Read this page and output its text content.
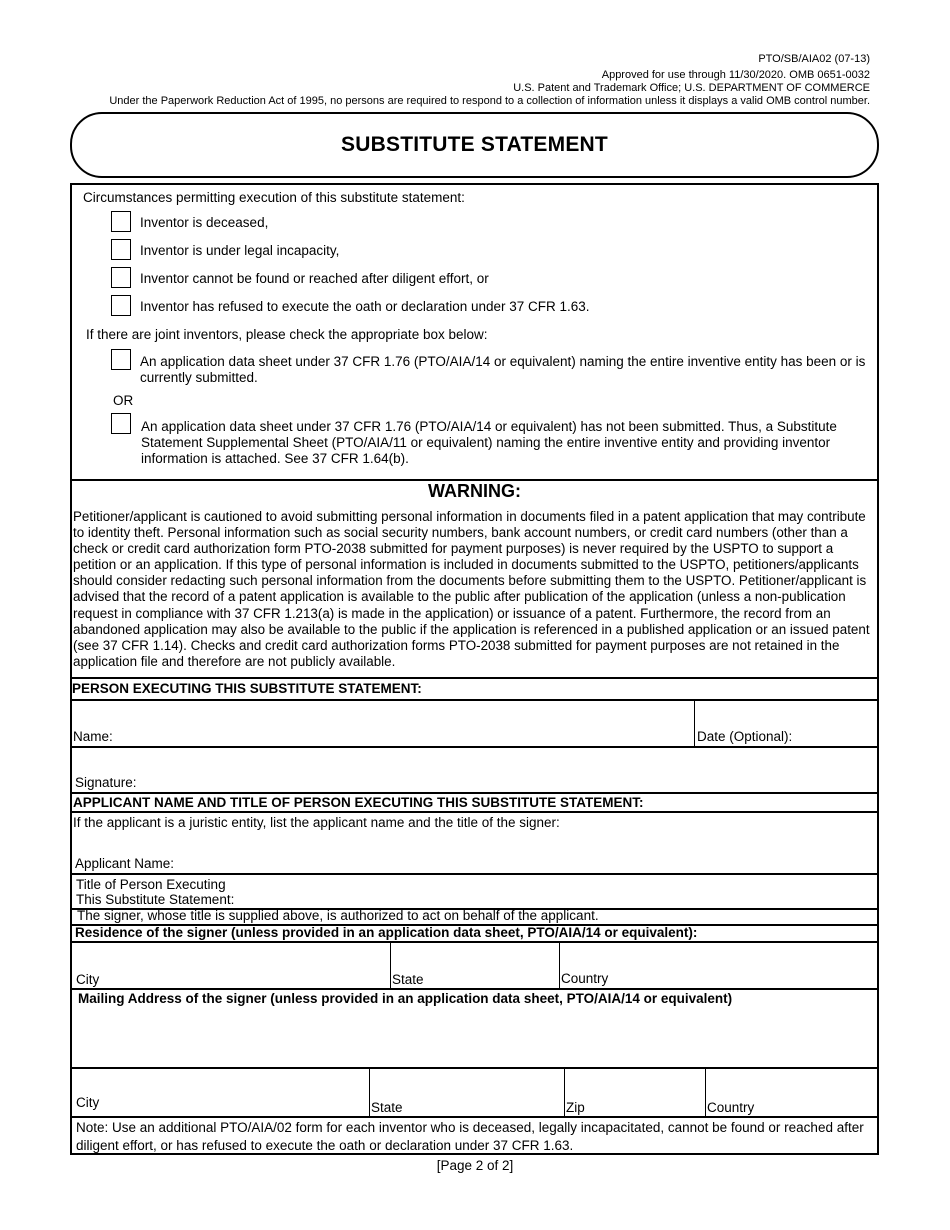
PTO/SB/AIA02 (07-13)
Approved for use through 11/30/2020. OMB 0651-0032
U.S. Patent and Trademark Office; U.S. DEPARTMENT OF COMMERCE
Under the Paperwork Reduction Act of 1995, no persons are required to respond to a collection of information unless it displays a valid OMB control number.
SUBSTITUTE STATEMENT
Circumstances permitting execution of this substitute statement:
Inventor is deceased,
Inventor is under legal incapacity,
Inventor cannot be found or reached after diligent effort, or
Inventor has refused to execute the oath or declaration under 37 CFR 1.63.
If there are joint inventors, please check the appropriate box below:
An application data sheet under 37 CFR 1.76 (PTO/AIA/14 or equivalent) naming the entire inventive entity has been or is currently submitted.
OR
An application data sheet under 37 CFR 1.76 (PTO/AIA/14 or equivalent) has not been submitted. Thus, a Substitute Statement Supplemental Sheet (PTO/AIA/11 or equivalent) naming the entire inventive entity and providing inventor information is attached. See 37 CFR 1.64(b).
WARNING:
Petitioner/applicant is cautioned to avoid submitting personal information in documents filed in a patent application that may contribute to identity theft. Personal information such as social security numbers, bank account numbers, or credit card numbers (other than a check or credit card authorization form PTO-2038 submitted for payment purposes) is never required by the USPTO to support a petition or an application. If this type of personal information is included in documents submitted to the USPTO, petitioners/applicants should consider redacting such personal information from the documents before submitting them to the USPTO. Petitioner/applicant is advised that the record of a patent application is available to the public after publication of the application (unless a non-publication request in compliance with 37 CFR 1.213(a) is made in the application) or issuance of a patent. Furthermore, the record from an abandoned application may also be available to the public if the application is referenced in a published application or an issued patent (see 37 CFR 1.14). Checks and credit card authorization forms PTO-2038 submitted for payment purposes are not retained in the application file and therefore are not publicly available.
PERSON EXECUTING THIS SUBSTITUTE STATEMENT:
Name:	Date (Optional):
Signature:
APPLICANT NAME AND TITLE OF PERSON EXECUTING THIS SUBSTITUTE STATEMENT:
If the applicant is a juristic entity, list the applicant name and the title of the signer:
Applicant Name:
Title of Person Executing
This Substitute Statement:
The signer, whose title is supplied above, is authorized to act on behalf of the applicant.
Residence of the signer (unless provided in an application data sheet, PTO/AIA/14 or equivalent):
City	State	Country
Mailing Address of the signer (unless provided in an application data sheet, PTO/AIA/14 or equivalent)
City	State	Zip	Country
Note: Use an additional PTO/AIA/02 form for each inventor who is deceased, legally incapacitated, cannot be found or reached after diligent effort, or has refused to execute the oath or declaration under 37 CFR 1.63.
[Page 2 of 2]
